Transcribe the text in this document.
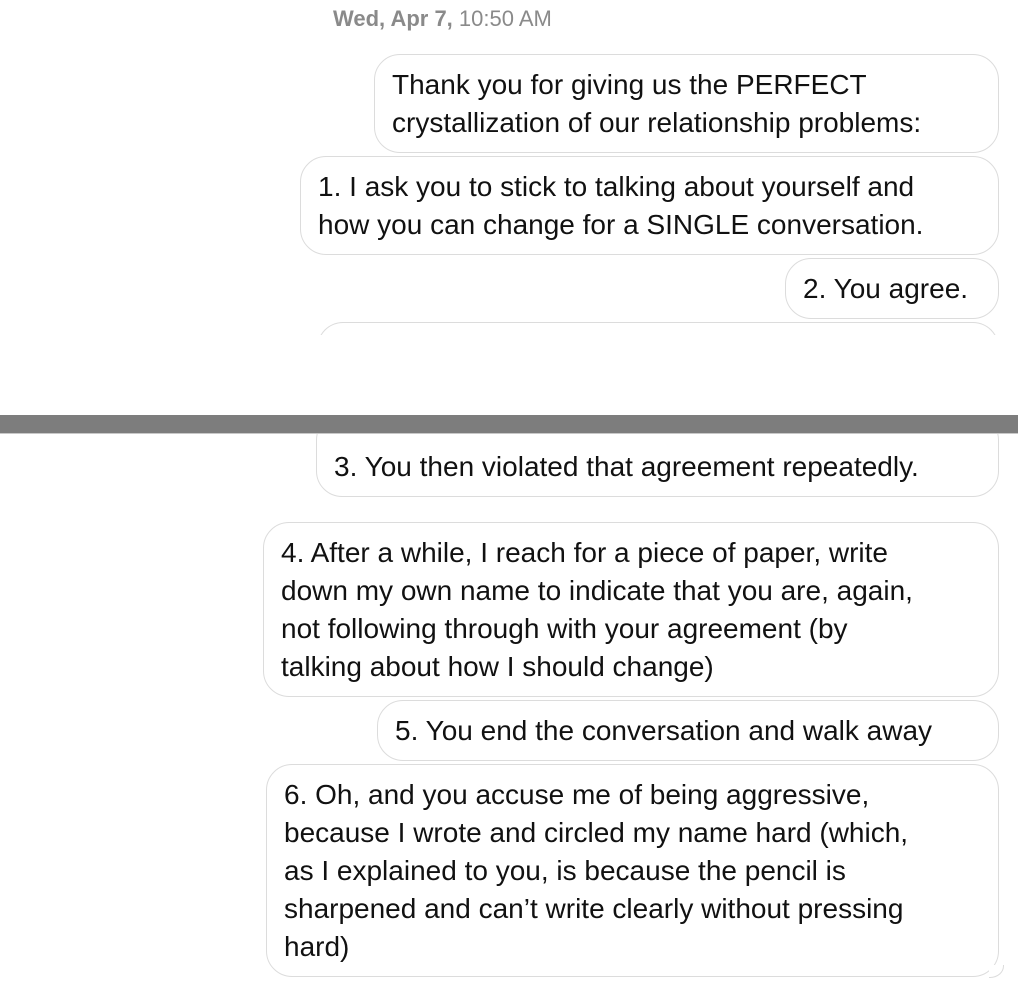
Wed, Apr 7, 10:50 AM
Thank you for giving us the PERFECT
crystallization of our relationship problems:
1. I ask you to stick to talking about yourself and
how you can change for a SINGLE conversation.
2. You agree.
3. You then violated that agreement repeatedly.
4. After a while, I reach for a piece of paper, write
down my own name to indicate that you are, again,
not following through with your agreement (by
talking about how I should change)
5. You end the conversation and walk away
6. Oh, and you accuse me of being aggressive,
because I wrote and circled my name hard (which,
as I explained to you, is because the pencil is
sharpened and can’t write clearly without pressing
hard)
